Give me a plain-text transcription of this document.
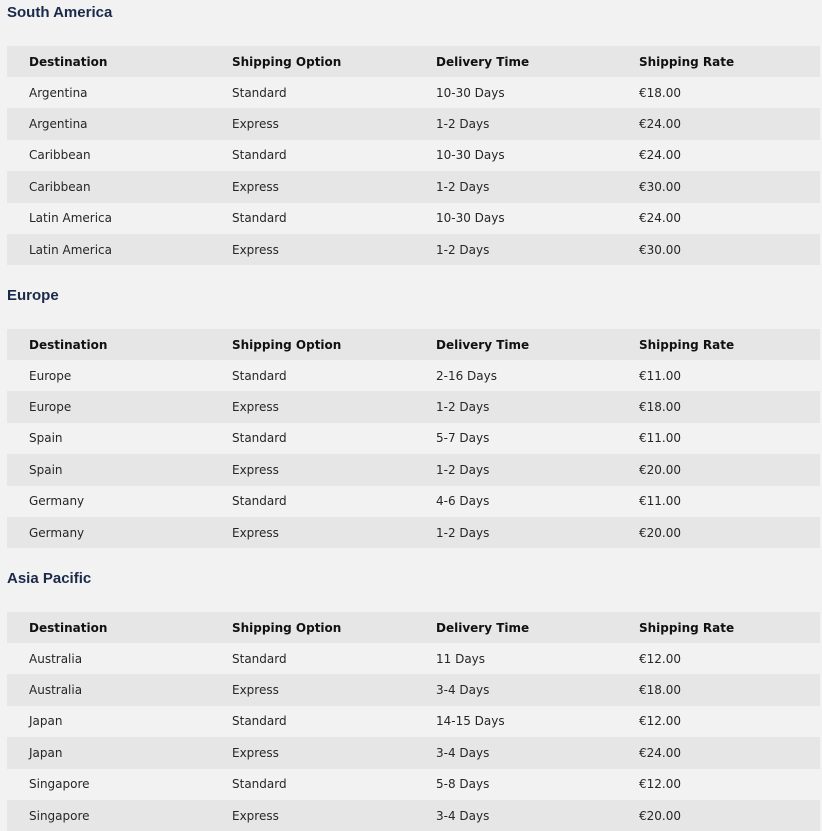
South America
Destination	Shipping Option	Delivery Time	Shipping Rate
Argentina	Standard	10-30 Days	€18.00
Argentina	Express	1-2 Days	€24.00
Caribbean	Standard	10-30 Days	€24.00
Caribbean	Express	1-2 Days	€30.00
Latin America	Standard	10-30 Days	€24.00
Latin America	Express	1-2 Days	€30.00
Europe
Destination	Shipping Option	Delivery Time	Shipping Rate
Europe	Standard	2-16 Days	€11.00
Europe	Express	1-2 Days	€18.00
Spain	Standard	5-7 Days	€11.00
Spain	Express	1-2 Days	€20.00
Germany	Standard	4-6 Days	€11.00
Germany	Express	1-2 Days	€20.00
Asia Pacific
Destination	Shipping Option	Delivery Time	Shipping Rate
Australia	Standard	11 Days	€12.00
Australia	Express	3-4 Days	€18.00
Japan	Standard	14-15 Days	€12.00
Japan	Express	3-4 Days	€24.00
Singapore	Standard	5-8 Days	€12.00
Singapore	Express	3-4 Days	€20.00
